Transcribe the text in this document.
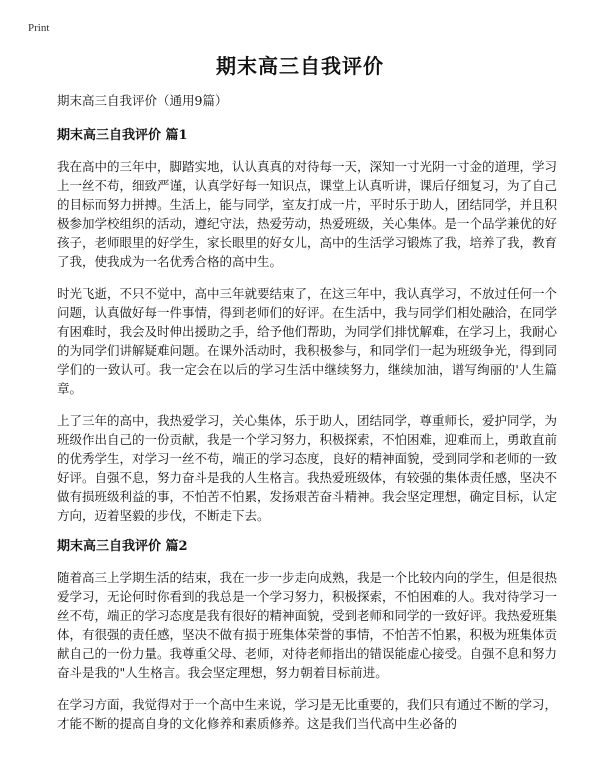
Print
期末高三自我评价

期末高三自我评价（通用9篇）

期末高三自我评价 篇1

我在高中的三年中，脚踏实地，认认真真的对待每一天，深知一寸光阴一寸金的道理，学习上一丝不苟，细致严谨，认真学好每一知识点，课堂上认真听讲，课后仔细复习，为了自己的目标而努力拼搏。生活上，能与同学，室友打成一片，平时乐于助人，团结同学，并且积极参加学校组织的活动，遵纪守法，热爱劳动，热爱班级，关心集体。是一个品学兼优的好孩子，老师眼里的好学生，家长眼里的好女儿，高中的生活学习锻炼了我，培养了我，教育了我，使我成为一名优秀合格的高中生。

时光飞逝，不只不觉中，高中三年就要结束了，在这三年中，我认真学习，不放过任何一个问题，认真做好每一件事情，得到老师们的好评。在生活中，我与同学们相处融洽，在同学有困难时，我会及时伸出援助之手，给予他们帮助，为同学们排忧解难，在学习上，我耐心的为同学们讲解疑难问题。在课外活动时，我积极参与，和同学们一起为班级争光，得到同学们的一致认可。我一定会在以后的学习生活中继续努力，继续加油，谱写绚丽的'人生篇章。

上了三年的高中，我热爱学习，关心集体，乐于助人，团结同学，尊重师长，爱护同学，为班级作出自己的一份贡献，我是一个学习努力，积极探索，不怕困难，迎难而上，勇敢直前的优秀学生，对学习一丝不苟，端正的学习态度，良好的精神面貌，受到同学和老师的一致好评。自强不息，努力奋斗是我的人生格言。我热爱班级体，有较强的集体责任感，坚决不做有损班级利益的事，不怕苦不怕累，发扬艰苦奋斗精神。我会坚定理想，确定目标，认定方向，迈着坚毅的步伐，不断走下去。

期末高三自我评价 篇2

随着高三上学期生活的结束，我在一步一步走向成熟，我是一个比较内向的学生，但是很热爱学习，无论何时你看到的我总是一个学习努力，积极探索，不怕困难的人。我对待学习一丝不苟，端正的学习态度是我有很好的精神面貌，受到老师和同学的一致好评。我热爱班集体，有很强的责任感，坚决不做有损于班集体荣誉的事情，不怕苦不怕累，积极为班集体贡献自己的一份力量。我尊重父母、老师，对待老师指出的错误能虚心接受。自强不息和努力奋斗是我的"人生格言。我会坚定理想，努力朝着目标前进。

在学习方面，我觉得对于一个高中生来说，学习是无比重要的，我们只有通过不断的学习，才能不断的提高自身的文化修养和素质修养。这是我们当代高中生必备的
